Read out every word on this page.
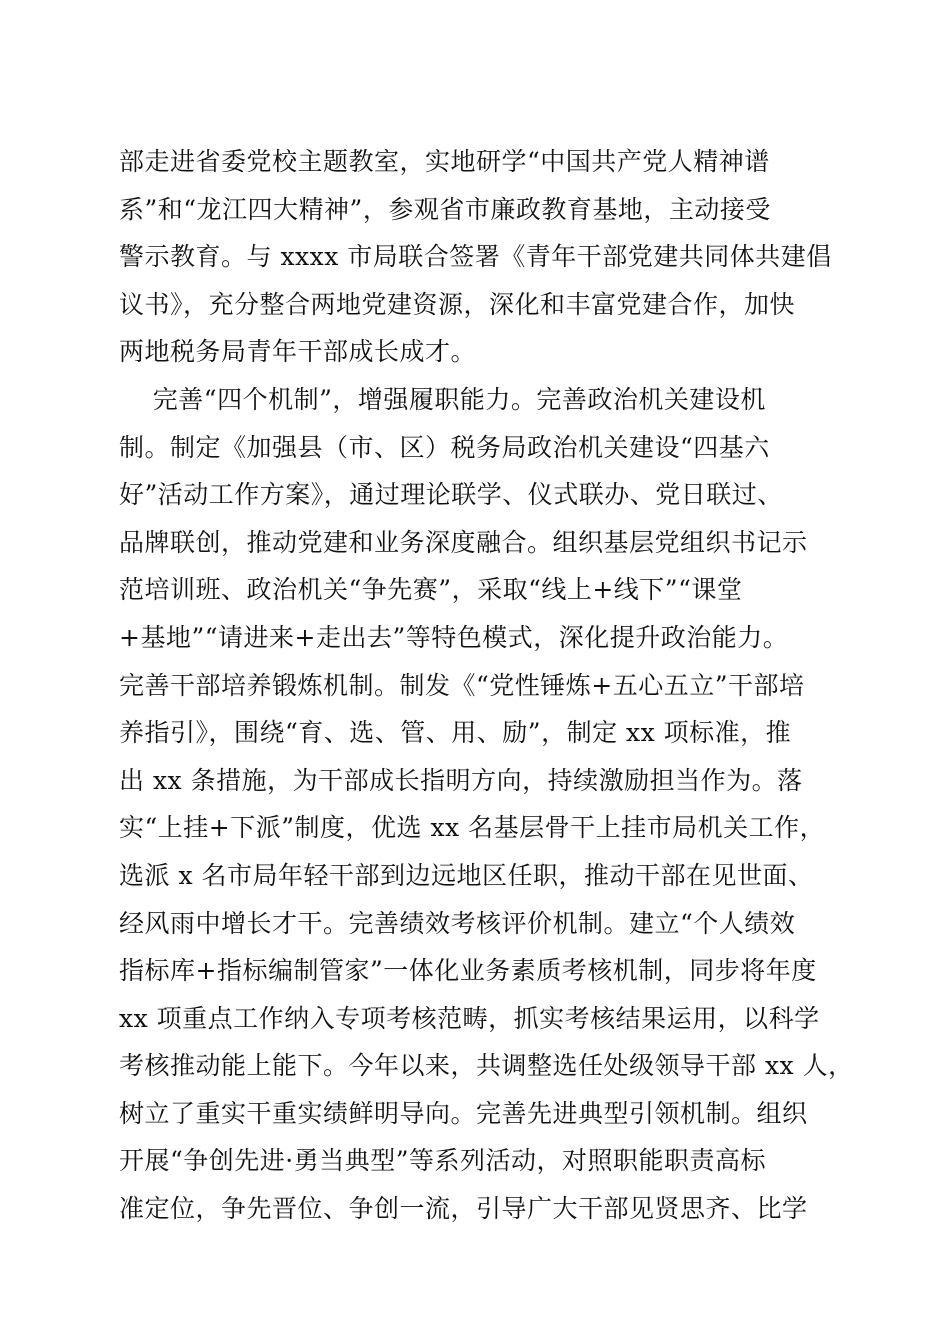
部走进省委党校主题教室，实地研学“中国共产党人精神谱
系”和“龙江四大精神”，参观省市廉政教育基地，主动接受
警示教育。与 xxxx 市局联合签署《青年干部党建共同体共建倡
议书》，充分整合两地党建资源，深化和丰富党建合作，加快
两地税务局青年干部成长成才。
完善“四个机制”，增强履职能力。完善政治机关建设机
制。制定《加强县（市、区）税务局政治机关建设“四基六
好”活动工作方案》，通过理论联学、仪式联办、党日联过、
品牌联创，推动党建和业务深度融合。组织基层党组织书记示
范培训班、政治机关“争先赛”，采取“线上+线下”“课堂
+基地”“请进来+走出去”等特色模式，深化提升政治能力。
完善干部培养锻炼机制。制发《“党性锤炼+五心五立”干部培
养指引》，围绕“育、选、管、用、励”，制定 xx 项标准，推
出 xx 条措施，为干部成长指明方向，持续激励担当作为。落
实“上挂+下派”制度，优选 xx 名基层骨干上挂市局机关工作，
选派 x 名市局年轻干部到边远地区任职，推动干部在见世面、
经风雨中增长才干。完善绩效考核评价机制。建立“个人绩效
指标库+指标编制管家”一体化业务素质考核机制，同步将年度
xx 项重点工作纳入专项考核范畴，抓实考核结果运用，以科学
考核推动能上能下。今年以来，共调整选任处级领导干部 xx 人，
树立了重实干重实绩鲜明导向。完善先进典型引领机制。组织
开展“争创先进·勇当典型”等系列活动，对照职能职责高标
准定位，争先晋位、争创一流，引导广大干部见贤思齐、比学
